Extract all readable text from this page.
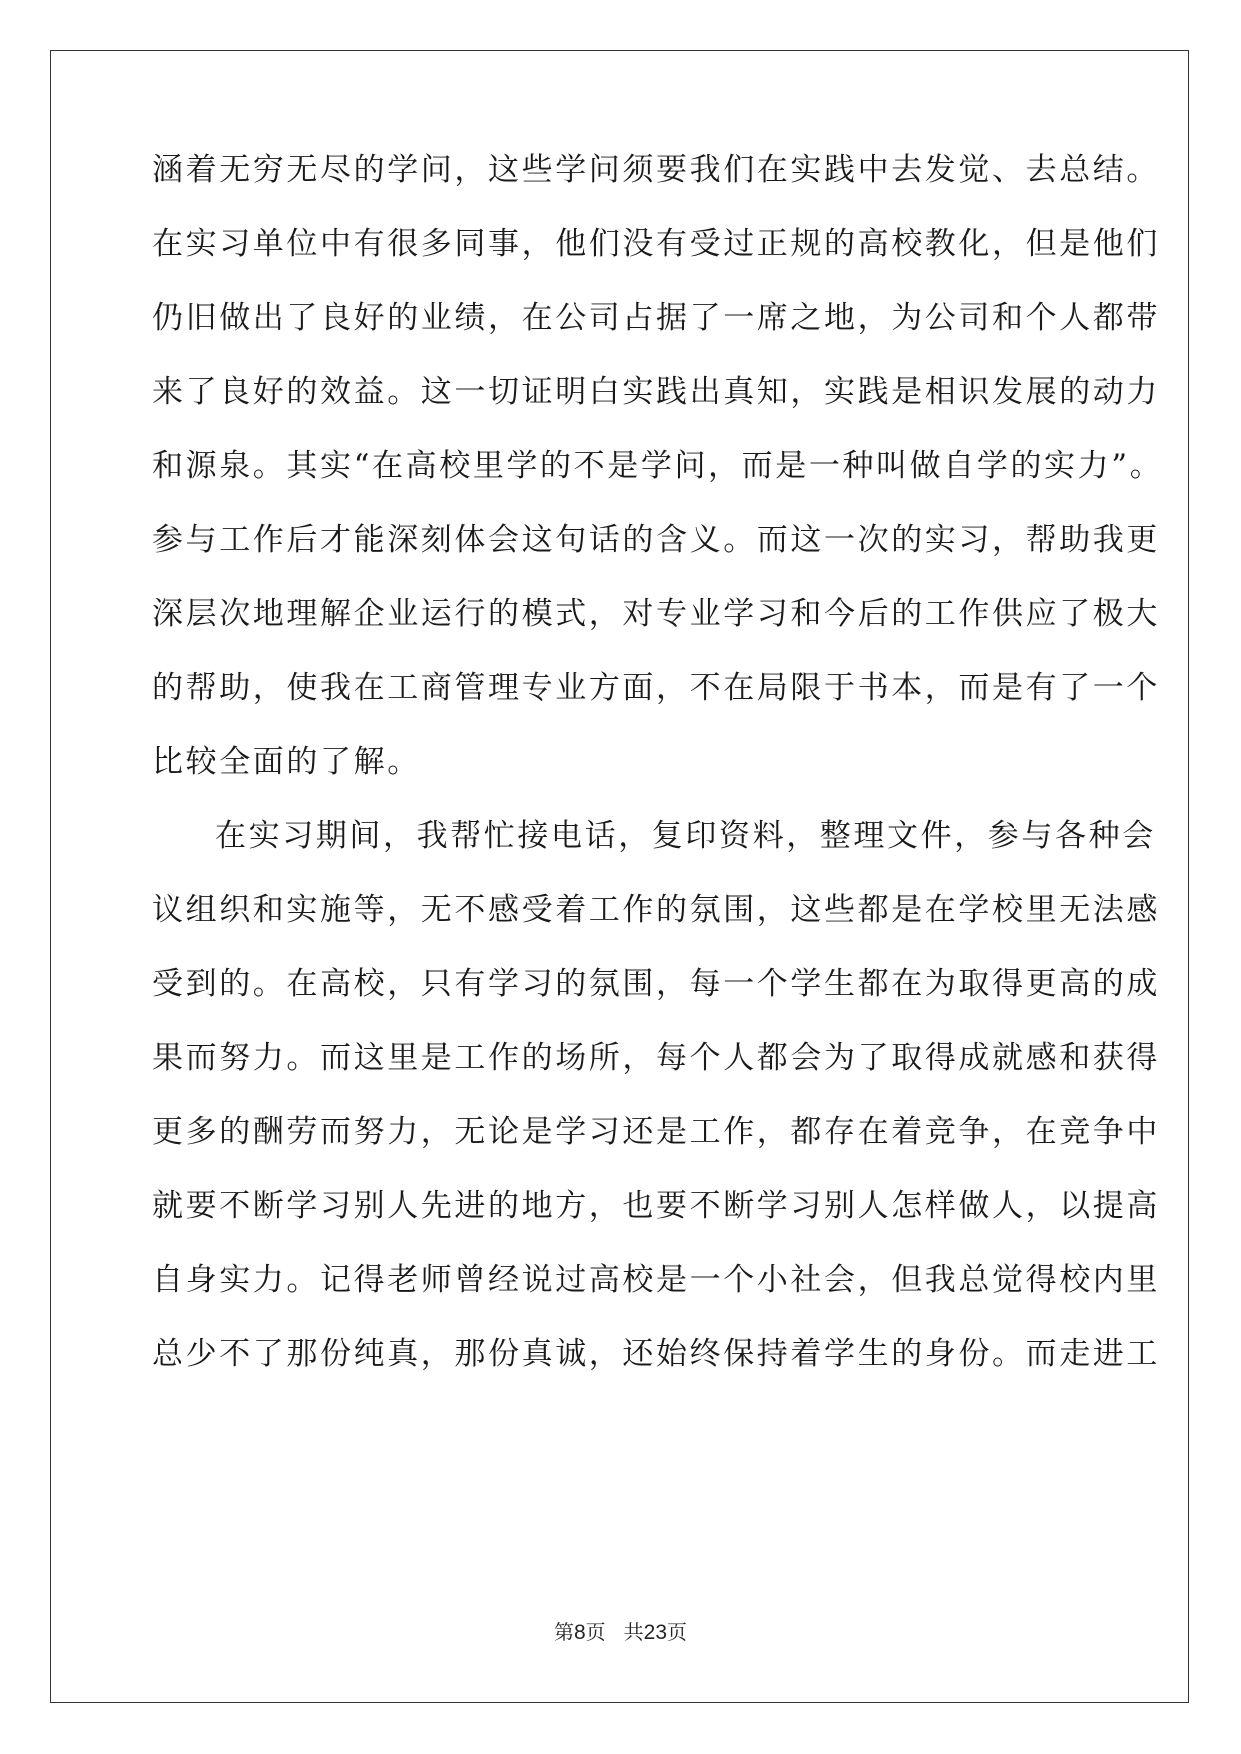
涵着无穷无尽的学问，这些学问须要我们在实践中去发觉、去总结。
在实习单位中有很多同事，他们没有受过正规的高校教化，但是他们
仍旧做出了良好的业绩，在公司占据了一席之地，为公司和个人都带
来了良好的效益。这一切证明白实践出真知，实践是相识发展的动力
和源泉。其实“在高校里学的不是学问，而是一种叫做自学的实力”。
参与工作后才能深刻体会这句话的含义。而这一次的实习，帮助我更
深层次地理解企业运行的模式，对专业学习和今后的工作供应了极大
的帮助，使我在工商管理专业方面，不在局限于书本，而是有了一个
比较全面的了解。
在实习期间，我帮忙接电话，复印资料，整理文件，参与各种会
议组织和实施等，无不感受着工作的氛围，这些都是在学校里无法感
受到的。在高校，只有学习的氛围，每一个学生都在为取得更高的成
果而努力。而这里是工作的场所，每个人都会为了取得成就感和获得
更多的酬劳而努力，无论是学习还是工作，都存在着竞争，在竞争中
就要不断学习别人先进的地方，也要不断学习别人怎样做人，以提高
自身实力。记得老师曾经说过高校是一个小社会，但我总觉得校内里
总少不了那份纯真，那份真诚，还始终保持着学生的身份。而走进工
第8页 共23页
